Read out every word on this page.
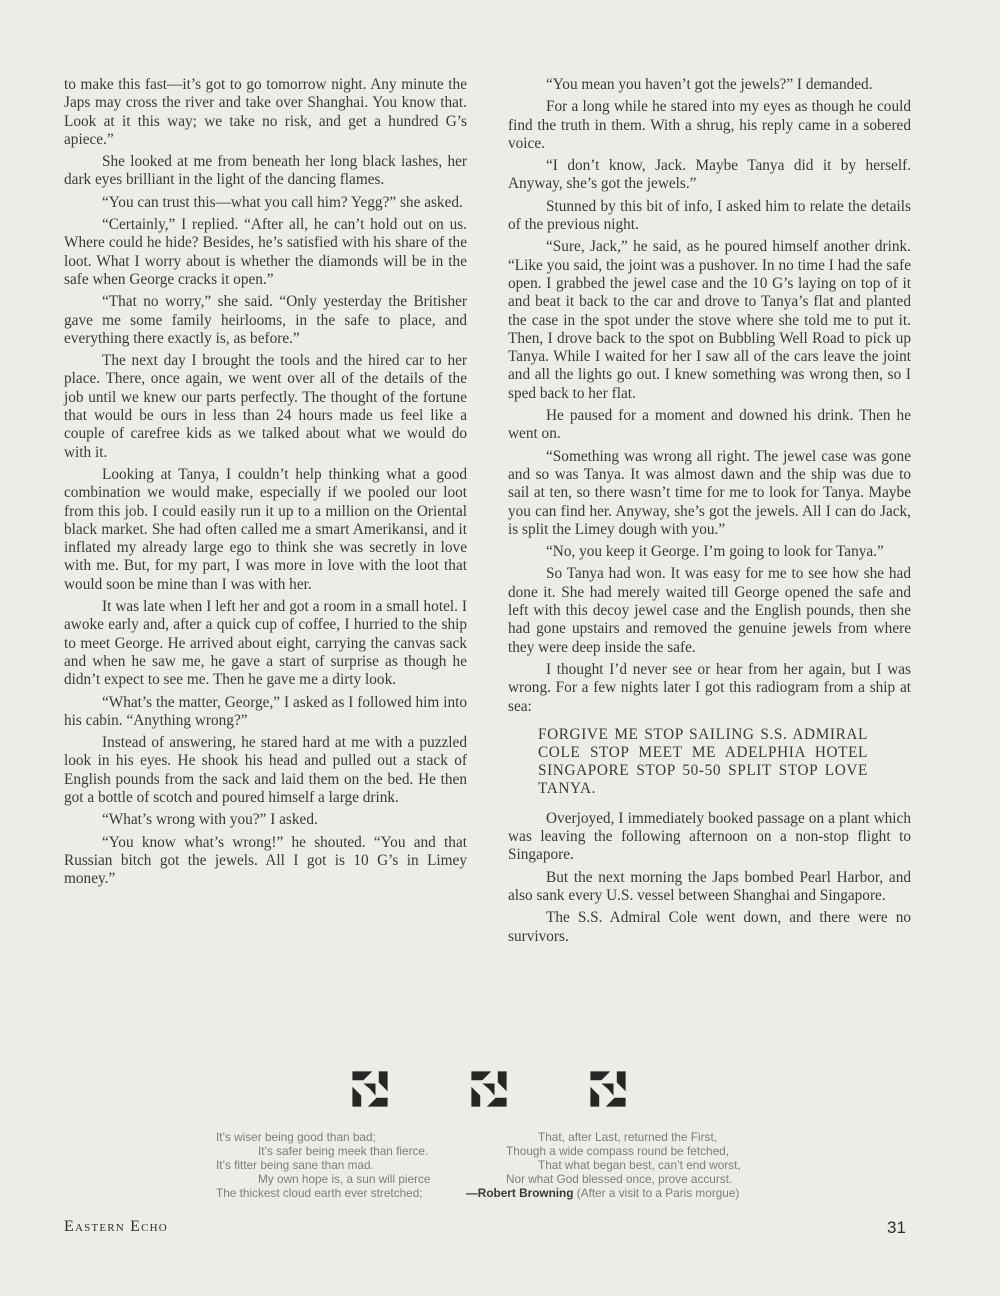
to make this fast—it’s got to go tomorrow night. Any minute the Japs may cross the river and take over Shanghai. You know that. Look at it this way; we take no risk, and get a hundred G’s apiece.”

She looked at me from beneath her long black lashes, her dark eyes brilliant in the light of the dancing flames.

“You can trust this—what you call him? Yegg?” she asked.

“Certainly,” I replied. “After all, he can’t hold out on us. Where could he hide? Besides, he’s satisfied with his share of the loot. What I worry about is whether the diamonds will be in the safe when George cracks it open.”

“That no worry,” she said. “Only yesterday the Britisher gave me some family heirlooms, in the safe to place, and everything there exactly is, as before.”

The next day I brought the tools and the hired car to her place. There, once again, we went over all of the details of the job until we knew our parts perfectly. The thought of the fortune that would be ours in less than 24 hours made us feel like a couple of carefree kids as we talked about what we would do with it.

Looking at Tanya, I couldn’t help thinking what a good combination we would make, especially if we pooled our loot from this job. I could easily run it up to a million on the Oriental black market. She had often called me a smart Amerikansi, and it inflated my already large ego to think she was secretly in love with me. But, for my part, I was more in love with the loot that would soon be mine than I was with her.

It was late when I left her and got a room in a small hotel. I awoke early and, after a quick cup of coffee, I hurried to the ship to meet George. He arrived about eight, carrying the canvas sack and when he saw me, he gave a start of surprise as though he didn’t expect to see me. Then he gave me a dirty look.

“What’s the matter, George,” I asked as I followed him into his cabin. “Anything wrong?”

Instead of answering, he stared hard at me with a puzzled look in his eyes. He shook his head and pulled out a stack of English pounds from the sack and laid them on the bed. He then got a bottle of scotch and poured himself a large drink.

“What’s wrong with you?” I asked.

“You know what’s wrong!” he shouted. “You and that Russian bitch got the jewels. All I got is 10 G’s in Limey money.”

“You mean you haven’t got the jewels?” I demanded.

For a long while he stared into my eyes as though he could find the truth in them. With a shrug, his reply came in a sobered voice.

“I don’t know, Jack. Maybe Tanya did it by herself. Anyway, she’s got the jewels.”

Stunned by this bit of info, I asked him to relate the details of the previous night.

“Sure, Jack,” he said, as he poured himself another drink. “Like you said, the joint was a pushover. In no time I had the safe open. I grabbed the jewel case and the 10 G’s laying on top of it and beat it back to the car and drove to Tanya’s flat and planted the case in the spot under the stove where she told me to put it. Then, I drove back to the spot on Bubbling Well Road to pick up Tanya. While I waited for her I saw all of the cars leave the joint and all the lights go out. I knew something was wrong then, so I sped back to her flat.

He paused for a moment and downed his drink. Then he went on.

“Something was wrong all right. The jewel case was gone and so was Tanya. It was almost dawn and the ship was due to sail at ten, so there wasn’t time for me to look for Tanya. Maybe you can find her. Anyway, she’s got the jewels. All I can do Jack, is split the Limey dough with you.”

“No, you keep it George. I’m going to look for Tanya.”

So Tanya had won. It was easy for me to see how she had done it. She had merely waited till George opened the safe and left with this decoy jewel case and the English pounds, then she had gone upstairs and removed the genuine jewels from where they were deep inside the safe.

I thought I’d never see or hear from her again, but I was wrong. For a few nights later I got this radiogram from a ship at sea:

FORGIVE ME STOP SAILING S.S. ADMIRAL COLE STOP MEET ME ADELPHIA HOTEL SINGAPORE STOP 50-50 SPLIT STOP LOVE TANYA.

Overjoyed, I immediately booked passage on a plant which was leaving the following afternoon on a non-stop flight to Singapore.

But the next morning the Japs bombed Pearl Harbor, and also sank every U.S. vessel between Shanghai and Singapore.

The S.S. Admiral Cole went down, and there were no survivors.

It’s wiser being good than bad;
It’s safer being meek than fierce.
It’s fitter being sane than mad.
My own hope is, a sun will pierce
The thickest cloud earth ever stretched;
That, after Last, returned the First,
Though a wide compass round be fetched,
That what began best, can’t end worst,
Nor what God blessed once, prove accurst.
—Robert Browning (After a visit to a Paris morgue)
Eastern Echo	31
